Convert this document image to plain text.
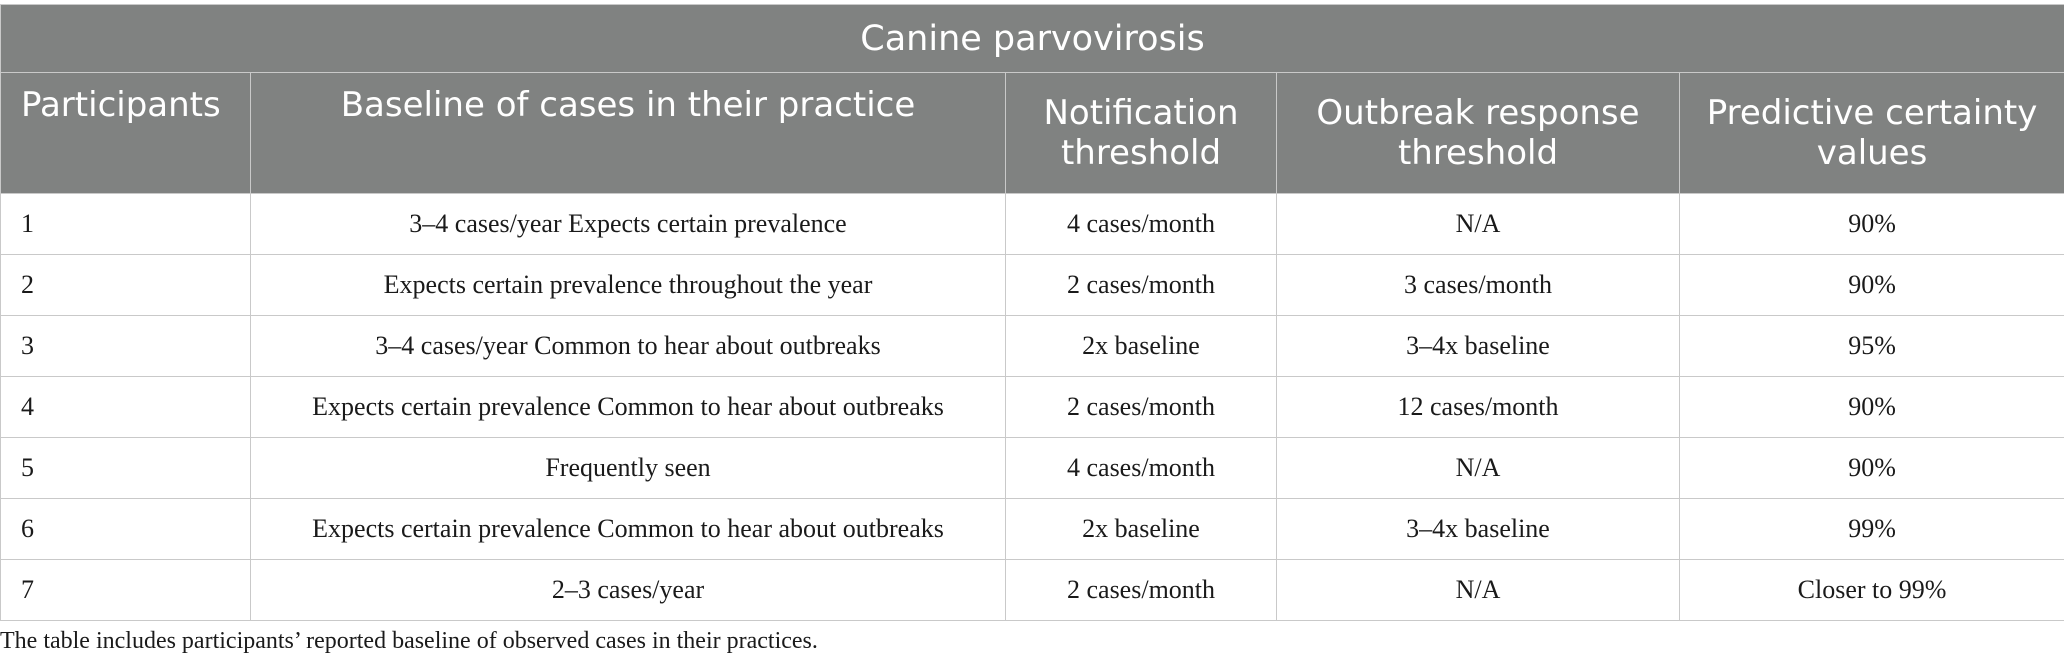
Canine parvovirosis				
Participants	Baseline of cases in their practice	Notification threshold	Outbreak response threshold	Predictive certainty values
1	3–4 cases/year Expects certain prevalence	4 cases/month	N/A	90%
2	Expects certain prevalence throughout the year	2 cases/month	3 cases/month	90%
3	3–4 cases/year Common to hear about outbreaks	2x baseline	3–4x baseline	95%
4	Expects certain prevalence Common to hear about outbreaks	2 cases/month	12 cases/month	90%
5	Frequently seen	4 cases/month	N/A	90%
6	Expects certain prevalence Common to hear about outbreaks	2x baseline	3–4x baseline	99%
7	2–3 cases/year	2 cases/month	N/A	Closer to 99%

The table includes participants’ reported baseline of observed cases in their practices.
